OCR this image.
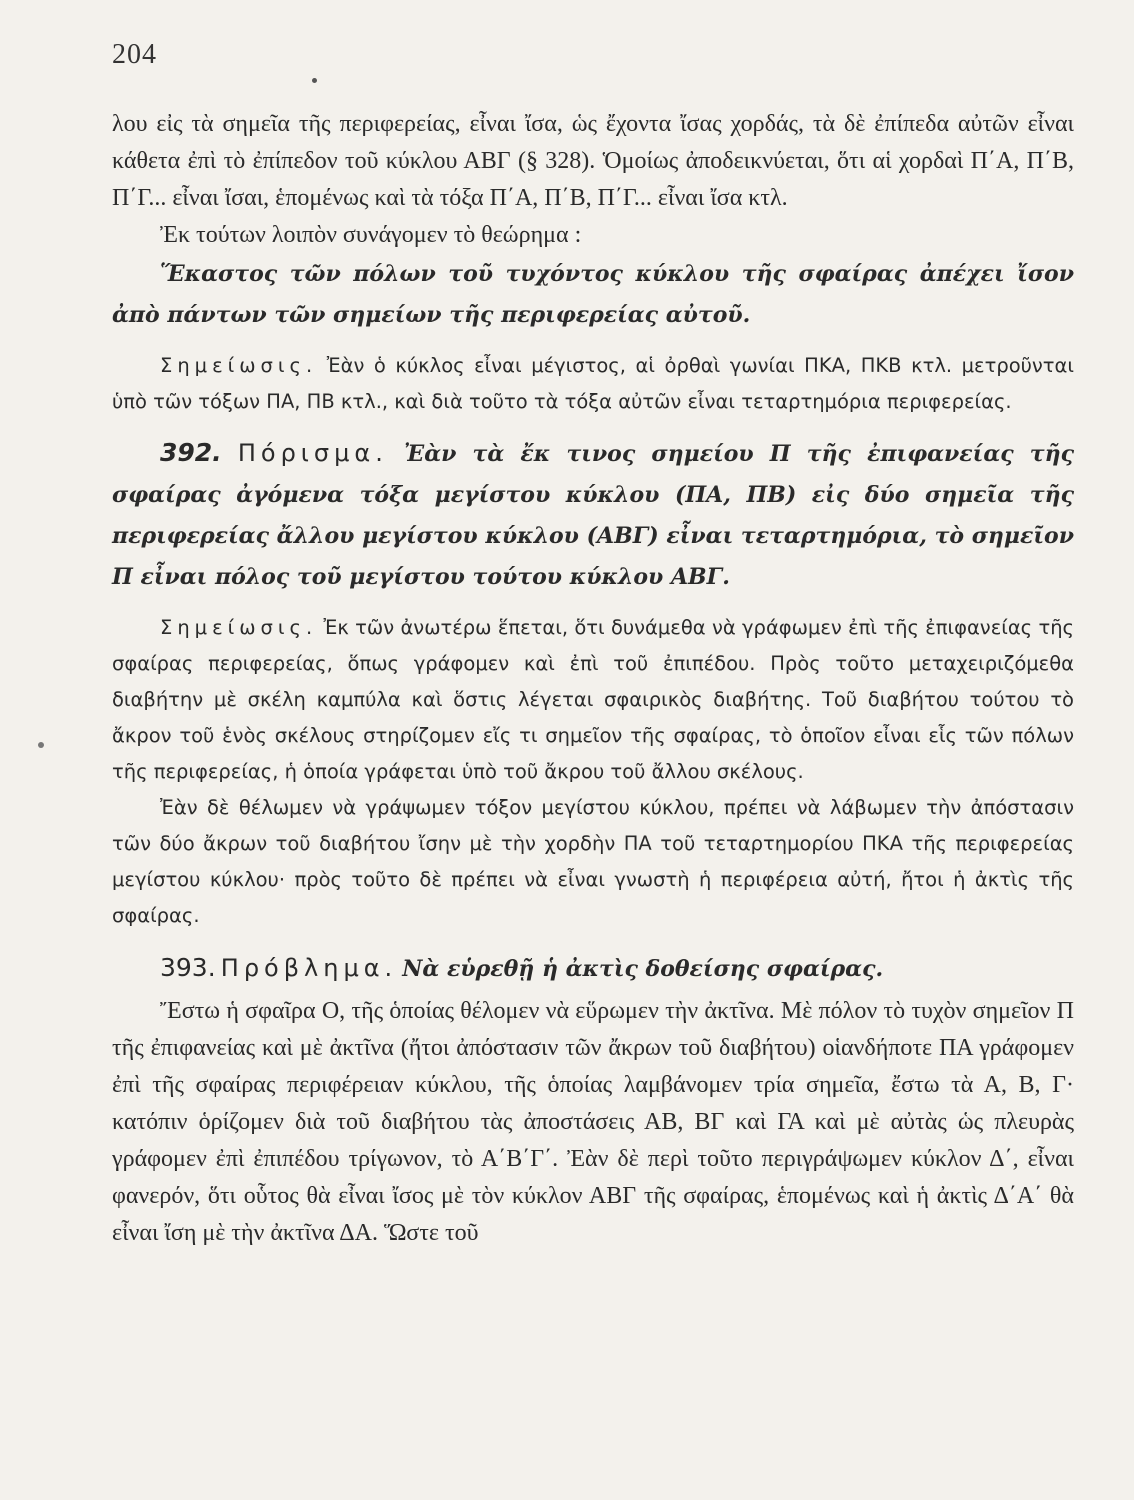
204

λου εἰς τὰ σημεῖα τῆς περιφερείας, εἶναι ἴσα, ὡς ἔχοντα ἴσας χορδάς, τὰ δὲ ἐπίπεδα αὐτῶν εἶναι κάθετα ἐπὶ τὸ ἐπίπεδον τοῦ κύκλου ΑΒΓ (§ 328). Ὁμοίως ἀποδεικνύεται, ὅτι αἱ χορδαὶ Π΄Α, Π΄Β, Π΄Γ... εἶναι ἴσαι, ἑπομένως καὶ τὰ τόξα Π΄Α, Π΄Β, Π΄Γ... εἶναι ἴσα κτλ.

Ἐκ τούτων λοιπὸν συνάγομεν τὸ θεώρημα :

Ἕκαστος τῶν πόλων τοῦ τυχόντος κύκλου τῆς σφαίρας ἀπέχει ἴσον ἀπὸ πάντων τῶν σημείων τῆς περιφερείας αὐτοῦ.

Σημείωσις. Ἐὰν ὁ κύκλος εἶναι μέγιστος, αἱ ὀρθαὶ γωνίαι ΠΚΑ, ΠΚΒ κτλ. μετροῦνται ὑπὸ τῶν τόξων ΠΑ, ΠΒ κτλ., καὶ διὰ τοῦτο τὰ τόξα αὐτῶν εἶναι τεταρτημόρια περιφερείας.

392. Πόρισμα. Ἐὰν τὰ ἔκ τινος σημείου Π τῆς ἐπιφανείας τῆς σφαίρας ἀγόμενα τόξα μεγίστου κύκλου (ΠΑ, ΠΒ) εἰς δύο σημεῖα τῆς περιφερείας ἄλλου μεγίστου κύκλου (ΑΒΓ) εἶναι τεταρτημόρια, τὸ σημεῖον Π εἶναι πόλος τοῦ μεγίστου τούτου κύκλου ΑΒΓ.

Σημείωσις. Ἐκ τῶν ἀνωτέρω ἕπεται, ὅτι δυνάμεθα νὰ γράφωμεν ἐπὶ τῆς ἐπιφανείας τῆς σφαίρας περιφερείας, ὅπως γράφομεν καὶ ἐπὶ τοῦ ἐπιπέδου. Πρὸς τοῦτο μεταχειριζόμεθα διαβήτην μὲ σκέλη καμπύλα καὶ ὅστις λέγεται σφαιρικὸς διαβήτης. Τοῦ διαβήτου τούτου τὸ ἄκρον τοῦ ἑνὸς σκέλους στηρίζομεν εἴς τι σημεῖον τῆς σφαίρας, τὸ ὁποῖον εἶναι εἷς τῶν πόλων τῆς περιφερείας, ἡ ὁποία γράφεται ὑπὸ τοῦ ἄκρου τοῦ ἄλλου σκέλους.

Ἐὰν δὲ θέλωμεν νὰ γράψωμεν τόξον μεγίστου κύκλου, πρέπει νὰ λάβωμεν τὴν ἀπόστασιν τῶν δύο ἄκρων τοῦ διαβήτου ἴσην μὲ τὴν χορδὴν ΠΑ τοῦ τεταρτημορίου ΠΚΑ τῆς περιφερείας μεγίστου κύκλου· πρὸς τοῦτο δὲ πρέπει νὰ εἶναι γνωστὴ ἡ περιφέρεια αὐτή, ἤτοι ἡ ἀκτὶς τῆς σφαίρας.

393. Πρόβλημα. Νὰ εὑρεθῇ ἡ ἀκτὶς δοθείσης σφαίρας.

Ἔστω ἡ σφαῖρα Ο, τῆς ὁποίας θέλομεν νὰ εὕρωμεν τὴν ἀκτῖνα. Μὲ πόλον τὸ τυχὸν σημεῖον Π τῆς ἐπιφανείας καὶ μὲ ἀκτῖνα (ἤτοι ἀπόστασιν τῶν ἄκρων τοῦ διαβήτου) οἱανδήποτε ΠΑ γράφομεν ἐπὶ τῆς σφαίρας περιφέρειαν κύκλου, τῆς ὁποίας λαμβάνομεν τρία σημεῖα, ἔστω τὰ Α, Β, Γ· κατόπιν ὁρίζομεν διὰ τοῦ διαβήτου τὰς ἀποστάσεις ΑΒ, ΒΓ καὶ ΓΑ καὶ μὲ αὐτὰς ὡς πλευρὰς γράφομεν ἐπὶ ἐπιπέδου τρίγωνον, τὸ Α΄Β΄Γ΄. Ἐὰν δὲ περὶ τοῦτο περιγράψωμεν κύκλον Δ΄, εἶναι φανερόν, ὅτι οὗτος θὰ εἶναι ἴσος μὲ τὸν κύκλον ΑΒΓ τῆς σφαίρας, ἑπομένως καὶ ἡ ἀκτὶς Δ΄Α΄ θὰ εἶναι ἴση μὲ τὴν ἀκτῖνα ΔΑ. Ὥστε τοῦ
